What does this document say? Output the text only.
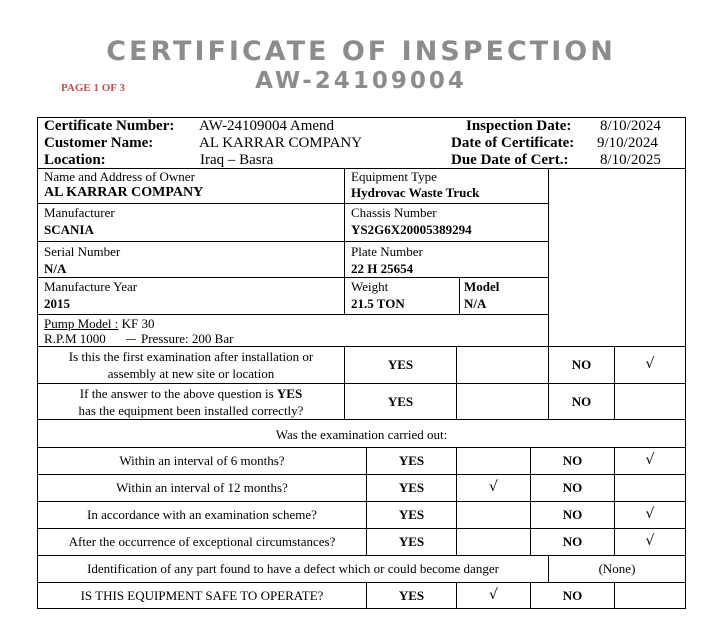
CERTIFICATE OF INSPECTION
AW-24109004
PAGE 1 OF 3
Certificate Number: AW-24109004 Amend
Customer Name:	AL KARRAR COMPANY
Location:	Iraq – Basra
Inspection Date: 8/10/2024
Date of Certificate: 9/10/2024
Due Date of Cert.: 8/10/2025
Name and Address of Owner
AL KARRAR COMPANY
Equipment Type
Hydrovac Waste Truck
Manufacturer
SCANIA
Chassis Number
YS2G6X20005389294
Serial Number
N/A
Plate Number
22 H 25654
Manufacture Year
2015
Weight
21.5 TON
Model
N/A
Pump Model : KF 30
R.P.M 1000	Pressure: 200 Bar
Is this the first examination after installation or
assembly at new site or location
YES	NO	√
If the answer to the above question is YES
has the equipment been installed correctly?
YES	NO
Was the examination carried out:
Within an interval of 6 months?	YES	NO	√
Within an interval of 12 months?	YES	√	NO
In accordance with an examination scheme?	YES	NO	√
After the occurrence of exceptional circumstances?	YES	NO	√
Identification of any part found to have a defect which or could become danger	(None)
IS THIS EQUIPMENT SAFE TO OPERATE?	YES	√	NO
